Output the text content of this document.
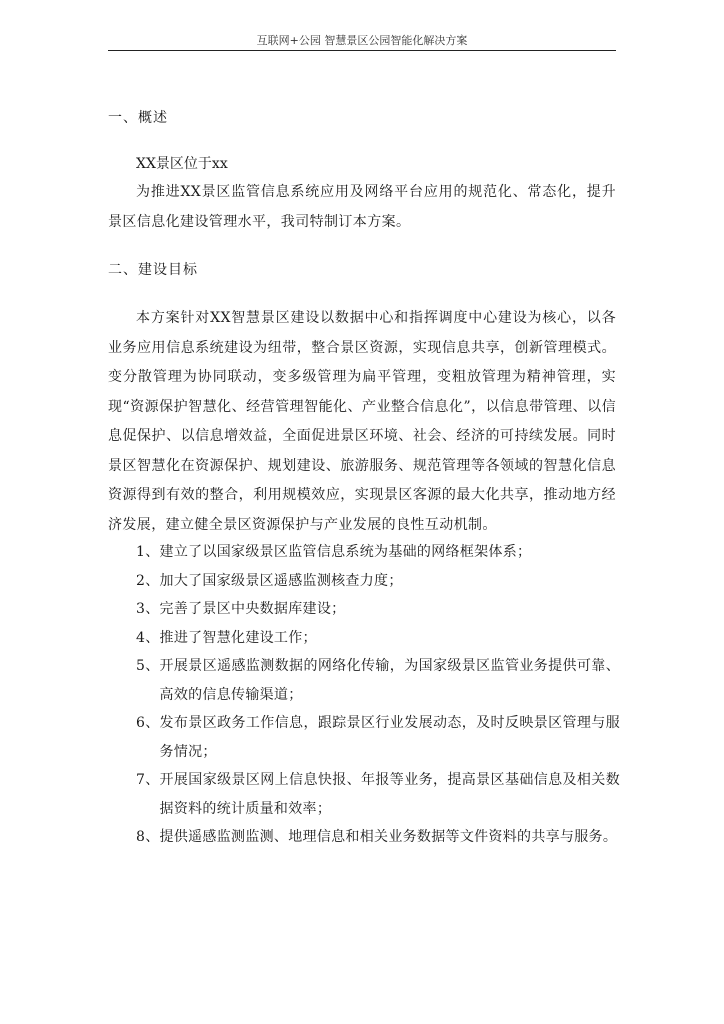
互联网+公园 智慧景区公园智能化解决方案
一、概述
XX景区位于xx
为推进XX景区监管信息系统应用及网络平台应用的规范化、常态化，提升景区信息化建设管理水平，我司特制订本方案。
二、建设目标
本方案针对XX智慧景区建设以数据中心和指挥调度中心建设为核心，以各业务应用信息系统建设为纽带，整合景区资源，实现信息共享，创新管理模式。变分散管理为协同联动，变多级管理为扁平管理，变粗放管理为精神管理，实现“资源保护智慧化、经营管理智能化、产业整合信息化”，以信息带管理、以信息促保护、以信息增效益，全面促进景区环境、社会、经济的可持续发展。同时景区智慧化在资源保护、规划建设、旅游服务、规范管理等各领域的智慧化信息资源得到有效的整合，利用规模效应，实现景区客源的最大化共享，推动地方经济发展，建立健全景区资源保护与产业发展的良性互动机制。
1、 建立了以国家级景区监管信息系统为基础的网络框架体系；
2、 加大了国家级景区遥感监测核查力度；
3、 完善了景区中央数据库建设；
4、 推进了智慧化建设工作；
5、 开展景区遥感监测数据的网络化传输，为国家级景区监管业务提供可靠、高效的信息传输渠道；
6、 发布景区政务工作信息，跟踪景区行业发展动态，及时反映景区管理与服务情况；
7、 开展国家级景区网上信息快报、年报等业务，提高景区基础信息及相关数据资料的统计质量和效率；
8、 提供遥感监测监测、地理信息和相关业务数据等文件资料的共享与服务。
